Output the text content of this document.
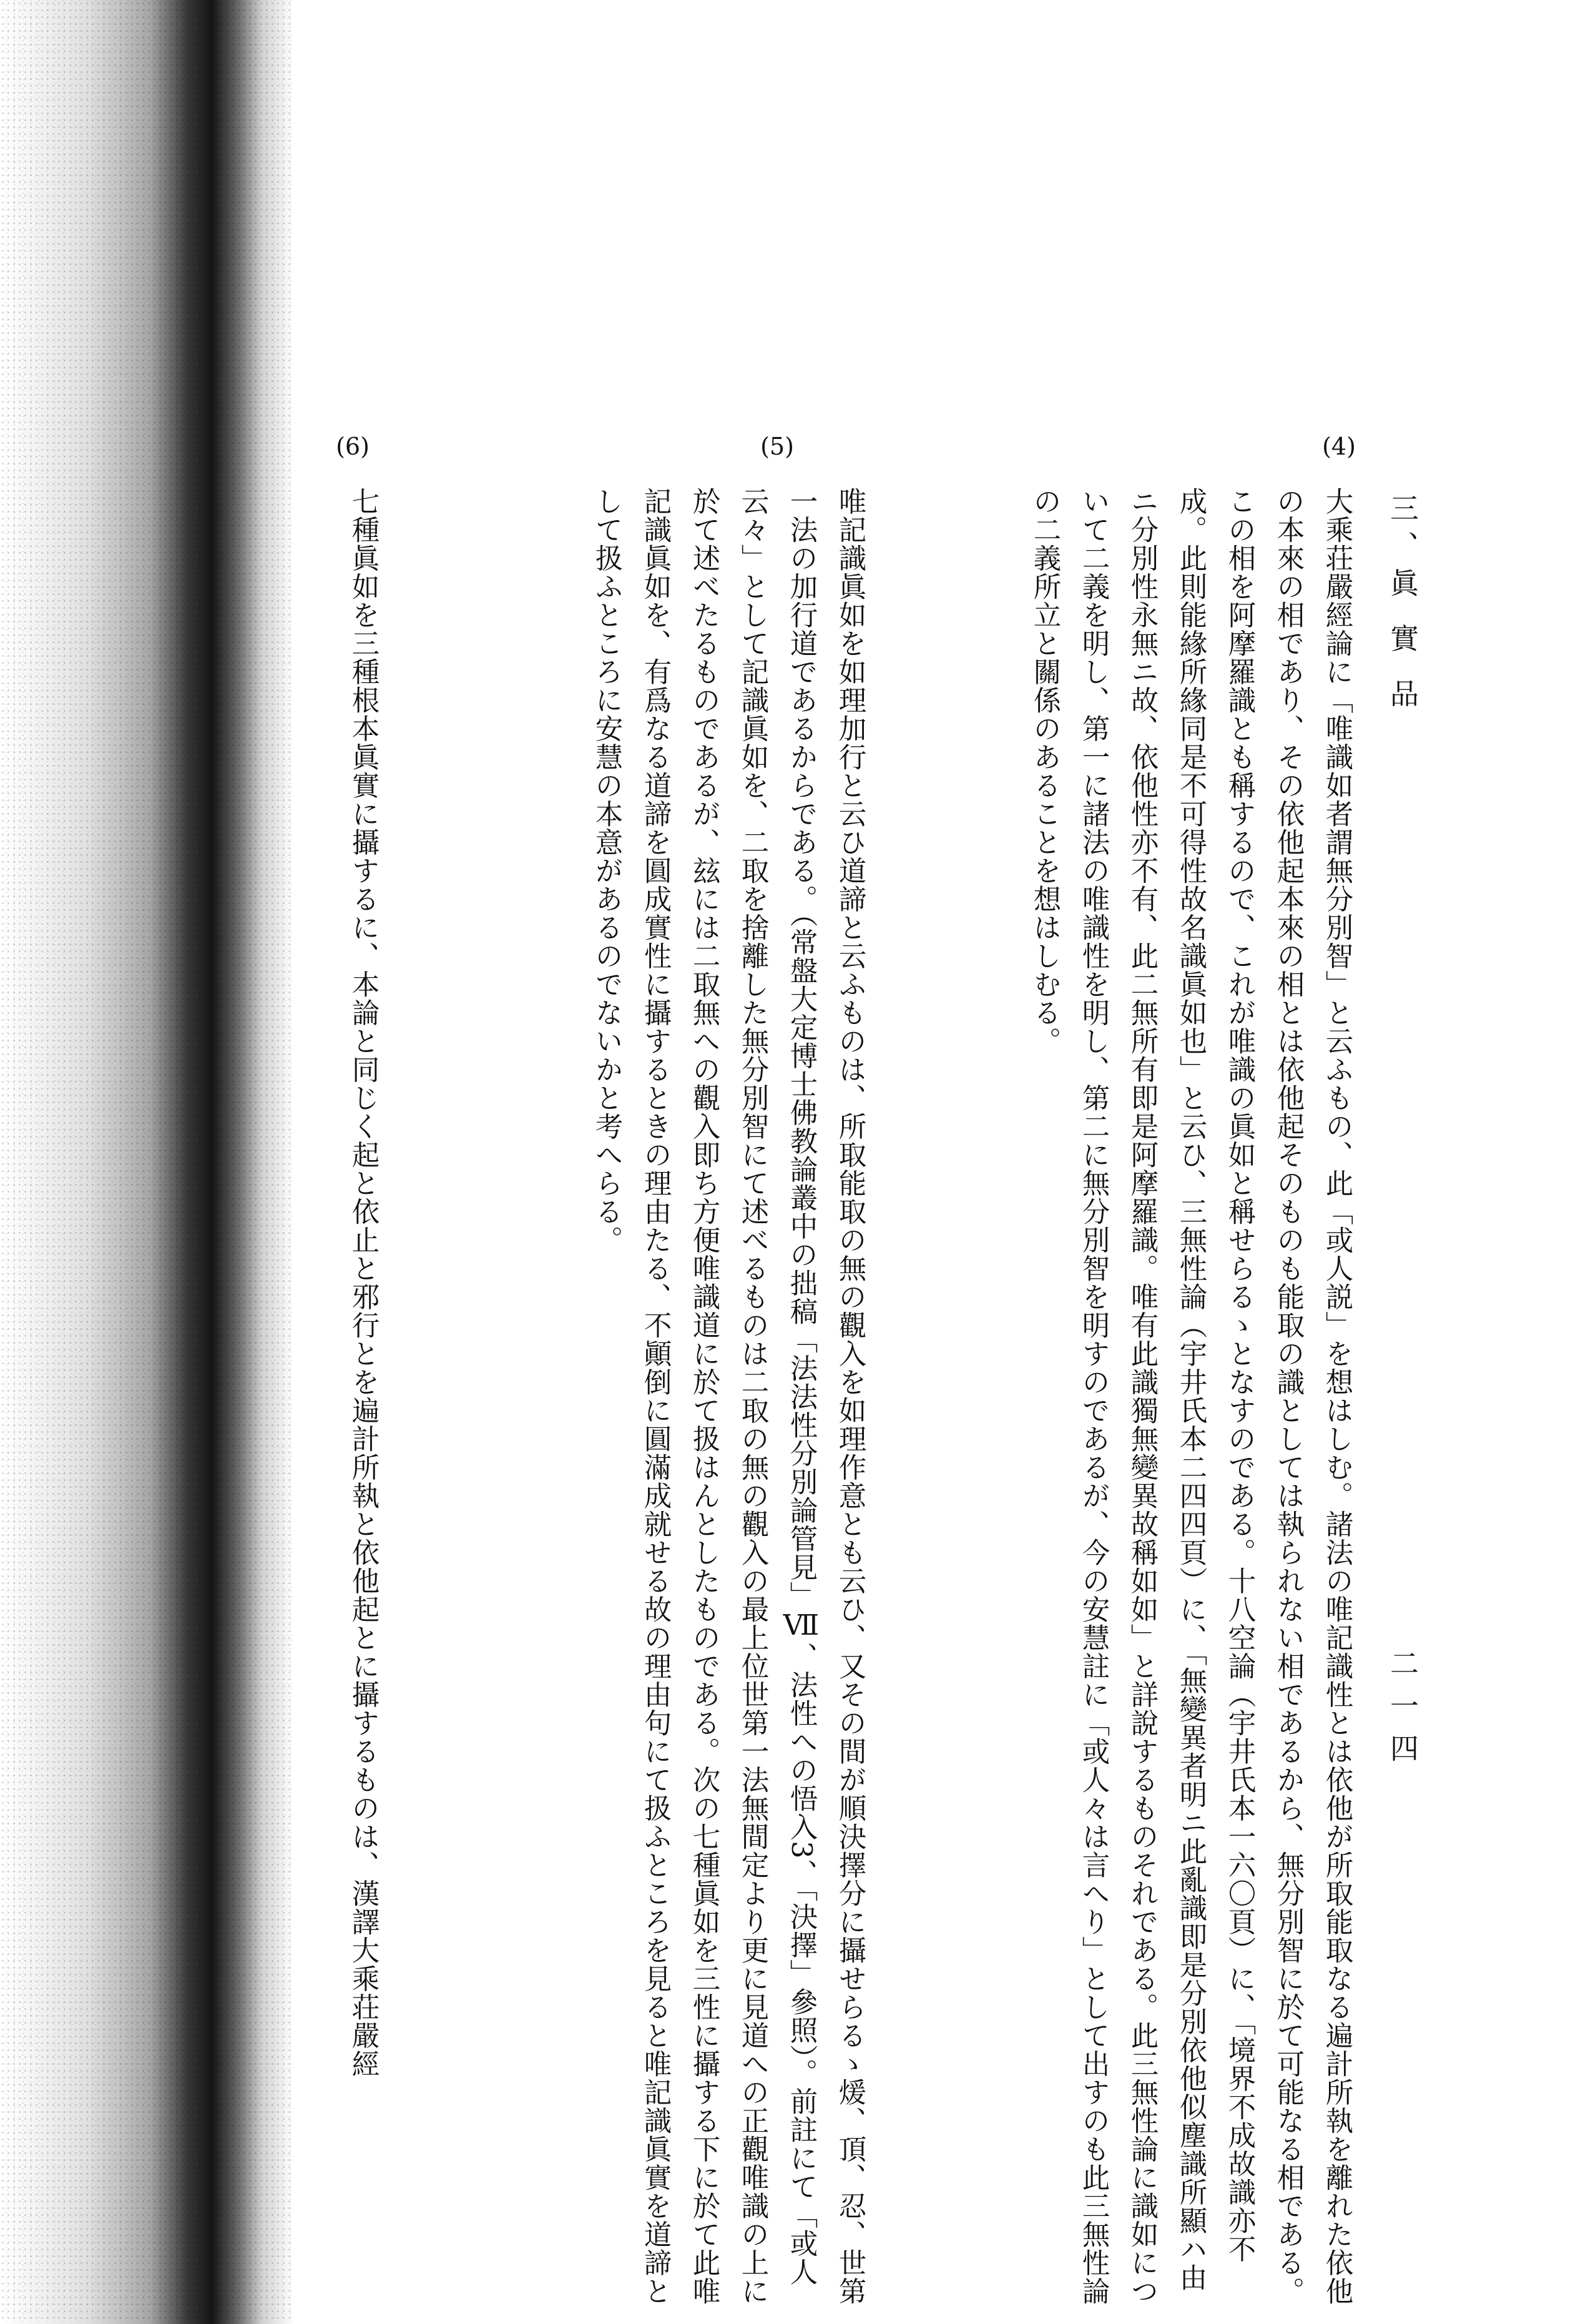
三、眞 實 品
二一四
(4)
(5)
(6)
大乘荘嚴經論に「唯識如者謂無分別智」と云ふもの、此「或人説」を想はしむ。諸法の唯記識性とは依他が所取能取なる遍計所執を離れた依他の本來の相であり、その依他起本來の相とは依他起そのものも能取の識としては執られない相であるから、無分別智に於て可能なる相である。この相を阿摩羅識とも稱するので、これが唯識の眞如と稱せらるゝとなすのである。十八空論（宇井氏本一六〇頁）に、「境界不成故識亦不成。此則能緣所緣同是不可得性故名識眞如也」と云ひ、三無性論（宇井氏本二四四頁）に、「無變異者明ニ此亂識即是分別依他似塵識所顯ハ由ニ分別性永無ニ故、依他性亦不有、此二無所有即是阿摩羅識。唯有此識獨無變異故稱如如」と詳說するものそれである。此三無性論に識如について二義を明し、第一に諸法の唯識性を明し、第二に無分別智を明すのであるが、今の安慧註に「或人々は言へり」として出すのも此三無性論の二義所立と關係のあることを想はしむる。
唯記識眞如を如理加行と云ひ道諦と云ふものは、所取能取の無の觀入を如理作意とも云ひ、又その間が順決擇分に攝せらるゝ煖、頂、忍、世第一法の加行道であるからである。（常盤大定博士佛教論叢中の拙稿「法法性分別論管見」Ⅶ、法性への悟入3、「決擇」參照）。前註にて「或人云々」として記識眞如を、二取を捨離した無分別智にて述べるものは二取の無の觀入の最上位世第一法無間定より更に見道への正觀唯識の上に於て述べたるものであるが、玆には二取無への觀入即ち方便唯識道に於て扱はんとしたものである。次の七種眞如を三性に攝する下に於て此唯記識眞如を、有爲なる道諦を圓成實性に攝するときの理由たる、不顚倒に圓滿成就せる故の理由句にて扱ふところを見ると唯記識眞實を道諦として扱ふところに安慧の本意があるのでないかと考へらる。
七種眞如を三種根本眞實に攝するに、本論と同じく起と依止と邪行とを遍計所執と依他起とに攝するものは、漢譯大乘荘嚴經
